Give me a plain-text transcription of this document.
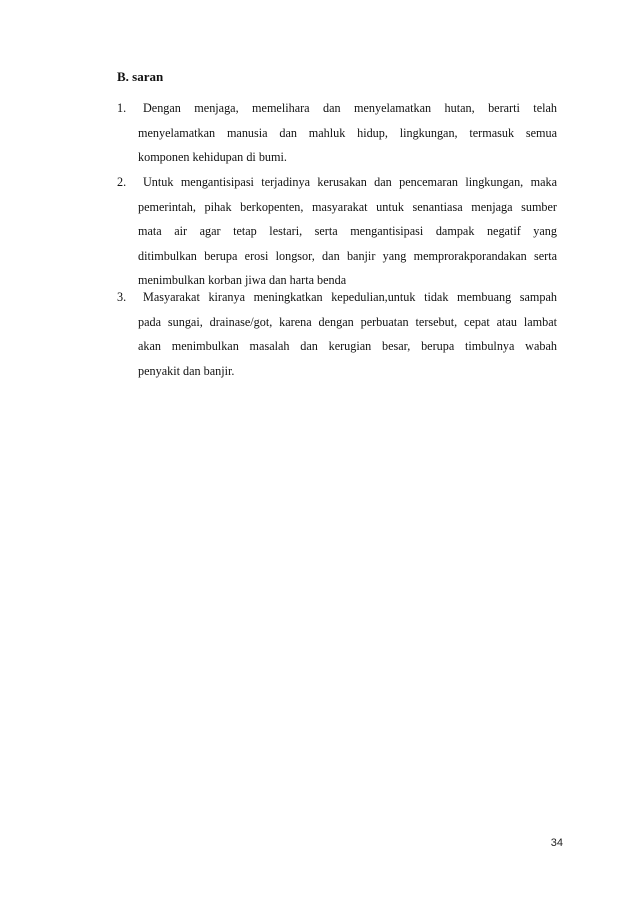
B. saran
1. Dengan menjaga, memelihara dan menyelamatkan hutan, berarti telah
menyelamatkan manusia dan mahluk hidup, lingkungan, termasuk semua
komponen kehidupan di bumi.
2. Untuk mengantisipasi terjadinya kerusakan dan pencemaran lingkungan, maka
pemerintah, pihak berkopenten, masyarakat untuk senantiasa menjaga sumber
mata air agar tetap lestari, serta mengantisipasi dampak negatif yang
ditimbulkan berupa erosi longsor, dan banjir yang memprorakporandakan serta
menimbulkan korban jiwa dan harta benda
3. Masyarakat kiranya meningkatkan kepedulian,untuk tidak membuang sampah
pada sungai, drainase/got, karena dengan perbuatan tersebut, cepat atau lambat
akan menimbulkan masalah dan kerugian besar, berupa timbulnya wabah
penyakit dan banjir.
34
